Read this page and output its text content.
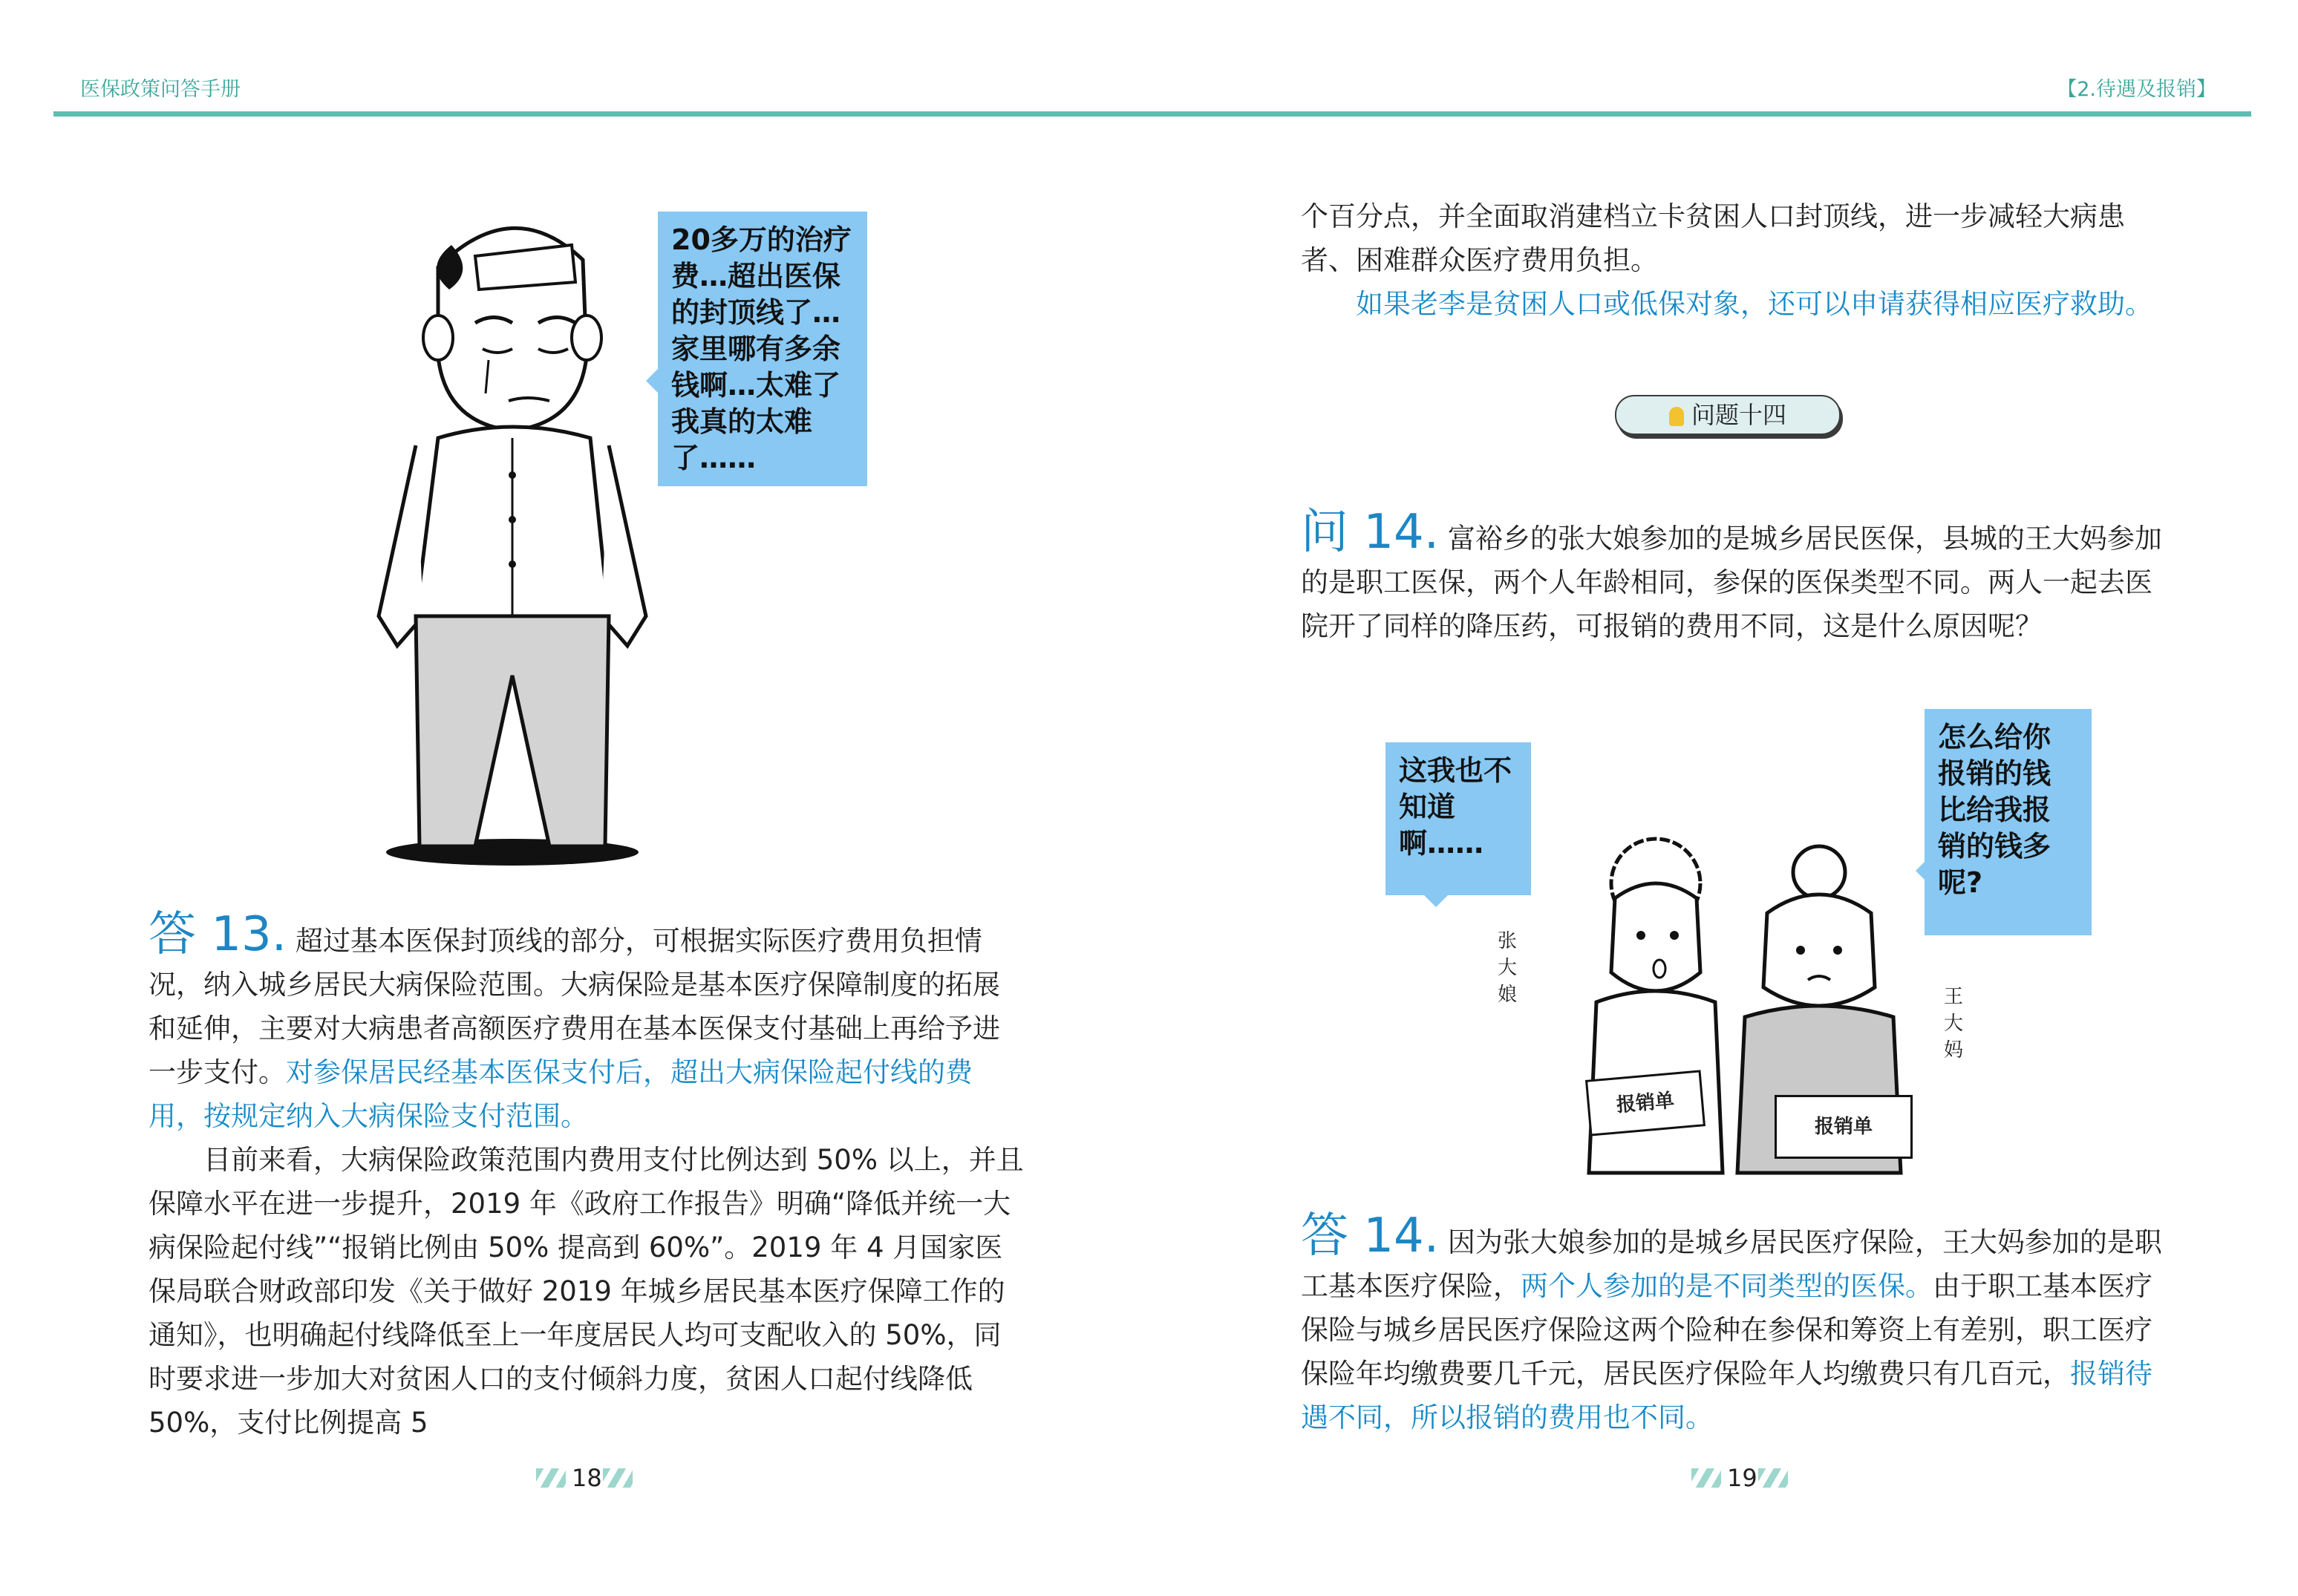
医保政策问答手册	【2.待遇及报销】
20多万的治疗费…超出医保的封顶线了…家里哪有多余钱啊…太难了我真的太难了……

答 13. 超过基本医保封顶线的部分，可根据实际医疗费用负担情况，纳入城乡居民大病保险范围。大病保险是基本医疗保障制度的拓展和延伸，主要对大病患者高额医疗费用在基本医保支付基础上再给予进一步支付。对参保居民经基本医保支付后，超出大病保险起付线的费用，按规定纳入大病保险支付范围。

目前来看，大病保险政策范围内费用支付比例达到 50% 以上，并且保障水平在进一步提升，2019 年《政府工作报告》明确“降低并统一大病保险起付线”“报销比例由 50% 提高到 60%”。2019 年 4 月国家医保局联合财政部印发《关于做好 2019 年城乡居民基本医疗保障工作的通知》，也明确起付线降低至上一年度居民人均可支配收入的 50%，同时要求进一步加大对贫困人口的支付倾斜力度，贫困人口起付线降低 50%，支付比例提高 5

18

个百分点，并全面取消建档立卡贫困人口封顶线，进一步减轻大病患者、困难群众医疗费用负担。

如果老李是贫困人口或低保对象，还可以申请获得相应医疗救助。

问题十四

问 14. 富裕乡的张大娘参加的是城乡居民医保，县城的王大妈参加的是职工医保，两个人年龄相同，参保的医保类型不同。两人一起去医院开了同样的降压药，可报销的费用不同，这是什么原因呢？

这我也不知道啊……
怎么给你报销的钱比给我报销的钱多呢?
张大娘	王大妈
报销单
报销单

答 14. 因为张大娘参加的是城乡居民医疗保险，王大妈参加的是职工基本医疗保险，两个人参加的是不同类型的医保。由于职工基本医疗保险与城乡居民医疗保险这两个险种在参保和筹资上有差别，职工医疗保险年均缴费要几千元，居民医疗保险年人均缴费只有几百元，报销待遇不同，所以报销的费用也不同。

19
